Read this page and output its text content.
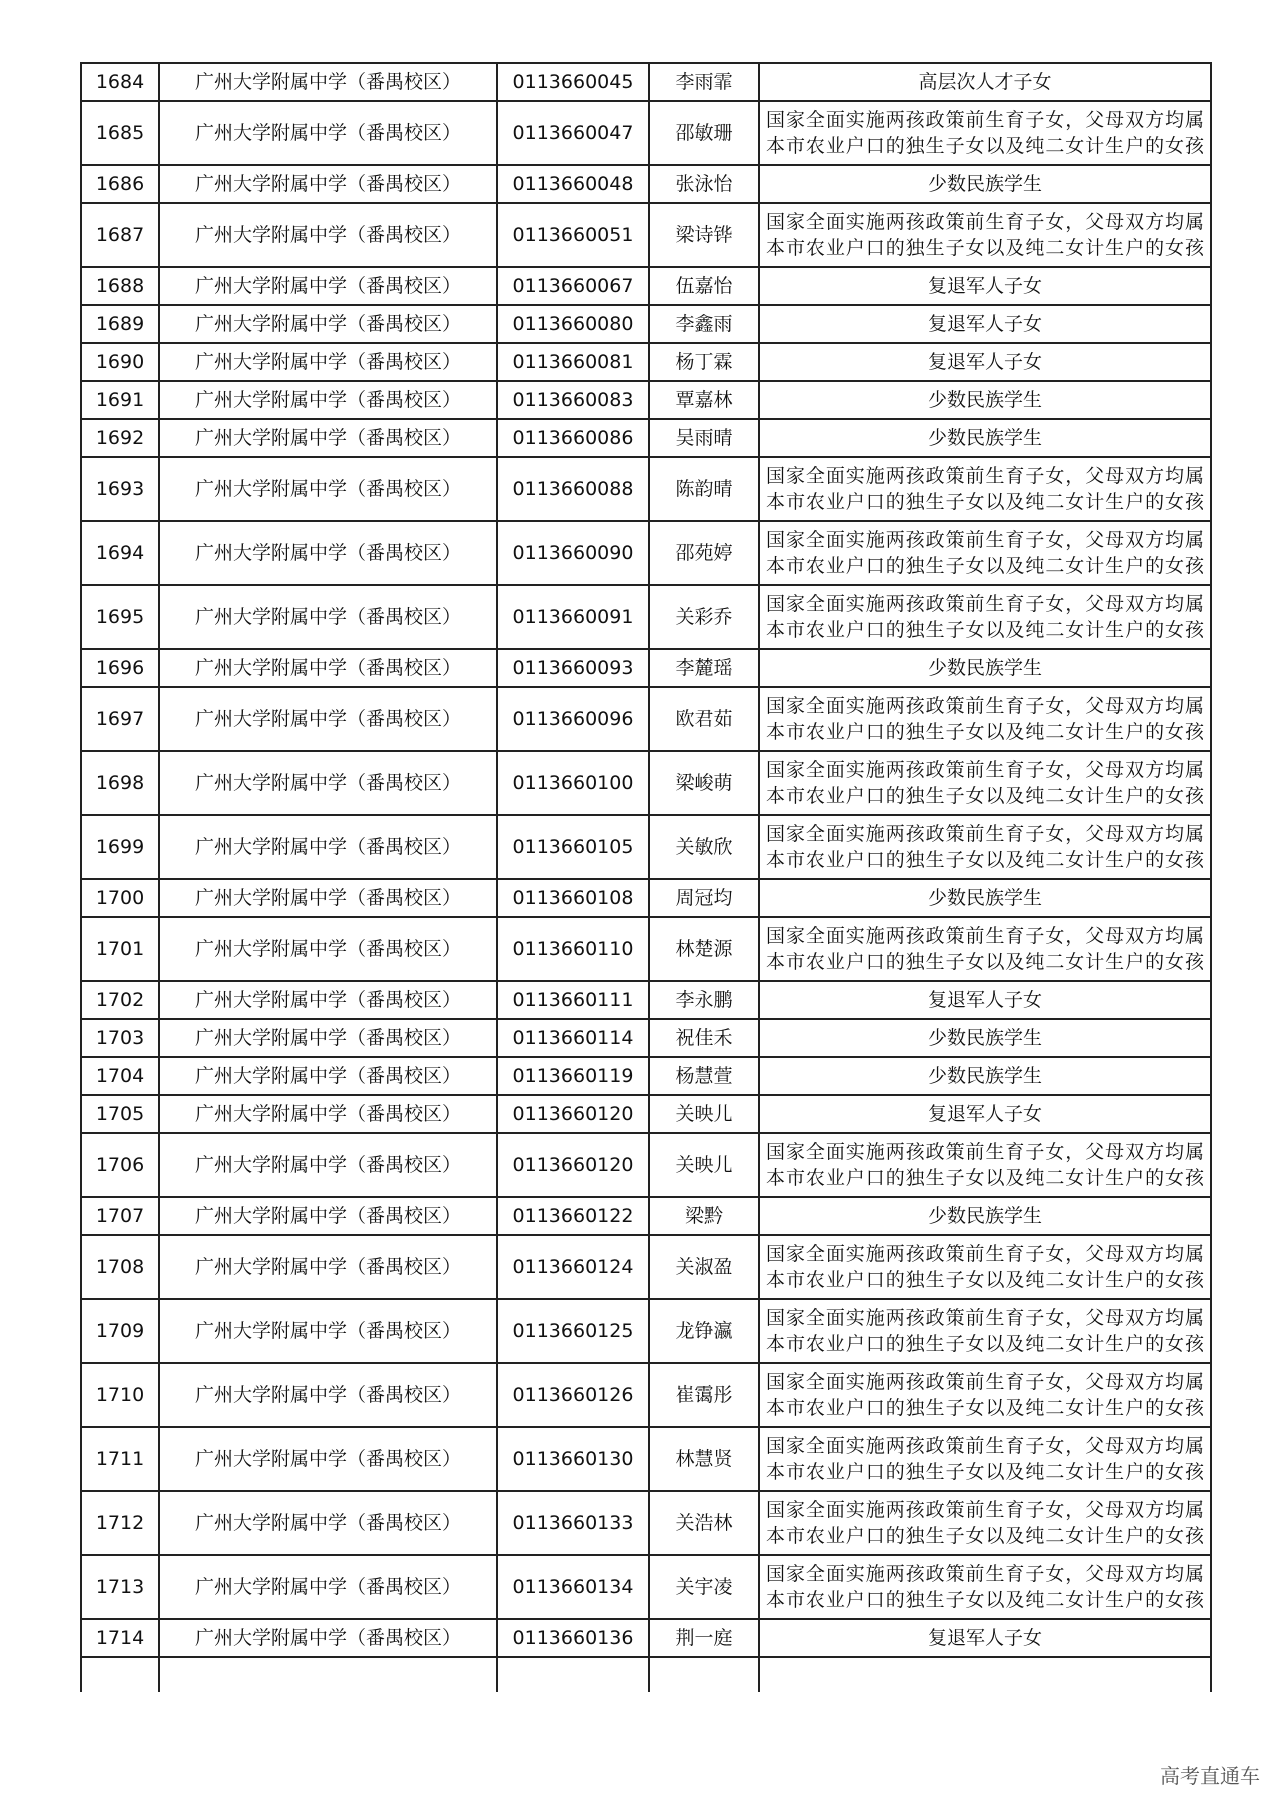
1684	广州大学附属中学（番禺校区）	0113660045	李雨霏	高层次人才子女
1685	广州大学附属中学（番禺校区）	0113660047	邵敏珊	国家全面实施两孩政策前生育子女，父母双方均属
本市农业户口的独生子女以及纯二女计生户的女孩

1686	广州大学附属中学（番禺校区）	0113660048	张泳怡	少数民族学生
1687	广州大学附属中学（番禺校区）	0113660051	梁诗铧	国家全面实施两孩政策前生育子女，父母双方均属
本市农业户口的独生子女以及纯二女计生户的女孩

1688	广州大学附属中学（番禺校区）	0113660067	伍嘉怡	复退军人子女
1689	广州大学附属中学（番禺校区）	0113660080	李鑫雨	复退军人子女
1690	广州大学附属中学（番禺校区）	0113660081	杨丁霖	复退军人子女
1691	广州大学附属中学（番禺校区）	0113660083	覃嘉林	少数民族学生
1692	广州大学附属中学（番禺校区）	0113660086	吴雨晴	少数民族学生
1693	广州大学附属中学（番禺校区）	0113660088	陈韵晴	国家全面实施两孩政策前生育子女，父母双方均属
本市农业户口的独生子女以及纯二女计生户的女孩

1694	广州大学附属中学（番禺校区）	0113660090	邵苑婷	国家全面实施两孩政策前生育子女，父母双方均属
本市农业户口的独生子女以及纯二女计生户的女孩

1695	广州大学附属中学（番禺校区）	0113660091	关彩乔	国家全面实施两孩政策前生育子女，父母双方均属
本市农业户口的独生子女以及纯二女计生户的女孩

1696	广州大学附属中学（番禺校区）	0113660093	李麓瑶	少数民族学生
1697	广州大学附属中学（番禺校区）	0113660096	欧君茹	国家全面实施两孩政策前生育子女，父母双方均属
本市农业户口的独生子女以及纯二女计生户的女孩

1698	广州大学附属中学（番禺校区）	0113660100	梁峻萌	国家全面实施两孩政策前生育子女，父母双方均属
本市农业户口的独生子女以及纯二女计生户的女孩

1699	广州大学附属中学（番禺校区）	0113660105	关敏欣	国家全面实施两孩政策前生育子女，父母双方均属
本市农业户口的独生子女以及纯二女计生户的女孩

1700	广州大学附属中学（番禺校区）	0113660108	周冠均	少数民族学生
1701	广州大学附属中学（番禺校区）	0113660110	林楚源	国家全面实施两孩政策前生育子女，父母双方均属
本市农业户口的独生子女以及纯二女计生户的女孩

1702	广州大学附属中学（番禺校区）	0113660111	李永鹏	复退军人子女
1703	广州大学附属中学（番禺校区）	0113660114	祝佳禾	少数民族学生
1704	广州大学附属中学（番禺校区）	0113660119	杨慧萱	少数民族学生
1705	广州大学附属中学（番禺校区）	0113660120	关映儿	复退军人子女
1706	广州大学附属中学（番禺校区）	0113660120	关映儿	国家全面实施两孩政策前生育子女，父母双方均属
本市农业户口的独生子女以及纯二女计生户的女孩

1707	广州大学附属中学（番禺校区）	0113660122	梁黔	少数民族学生
1708	广州大学附属中学（番禺校区）	0113660124	关淑盈	国家全面实施两孩政策前生育子女，父母双方均属
本市农业户口的独生子女以及纯二女计生户的女孩

1709	广州大学附属中学（番禺校区）	0113660125	龙铮瀛	国家全面实施两孩政策前生育子女，父母双方均属
本市农业户口的独生子女以及纯二女计生户的女孩

1710	广州大学附属中学（番禺校区）	0113660126	崔霭彤	国家全面实施两孩政策前生育子女，父母双方均属
本市农业户口的独生子女以及纯二女计生户的女孩

1711	广州大学附属中学（番禺校区）	0113660130	林慧贤	国家全面实施两孩政策前生育子女，父母双方均属
本市农业户口的独生子女以及纯二女计生户的女孩

1712	广州大学附属中学（番禺校区）	0113660133	关浩林	国家全面实施两孩政策前生育子女，父母双方均属
本市农业户口的独生子女以及纯二女计生户的女孩

1713	广州大学附属中学（番禺校区）	0113660134	关宇凌	国家全面实施两孩政策前生育子女，父母双方均属
本市农业户口的独生子女以及纯二女计生户的女孩

1714	广州大学附属中学（番禺校区）	0113660136	荆一庭	复退军人子女

高考直通车
